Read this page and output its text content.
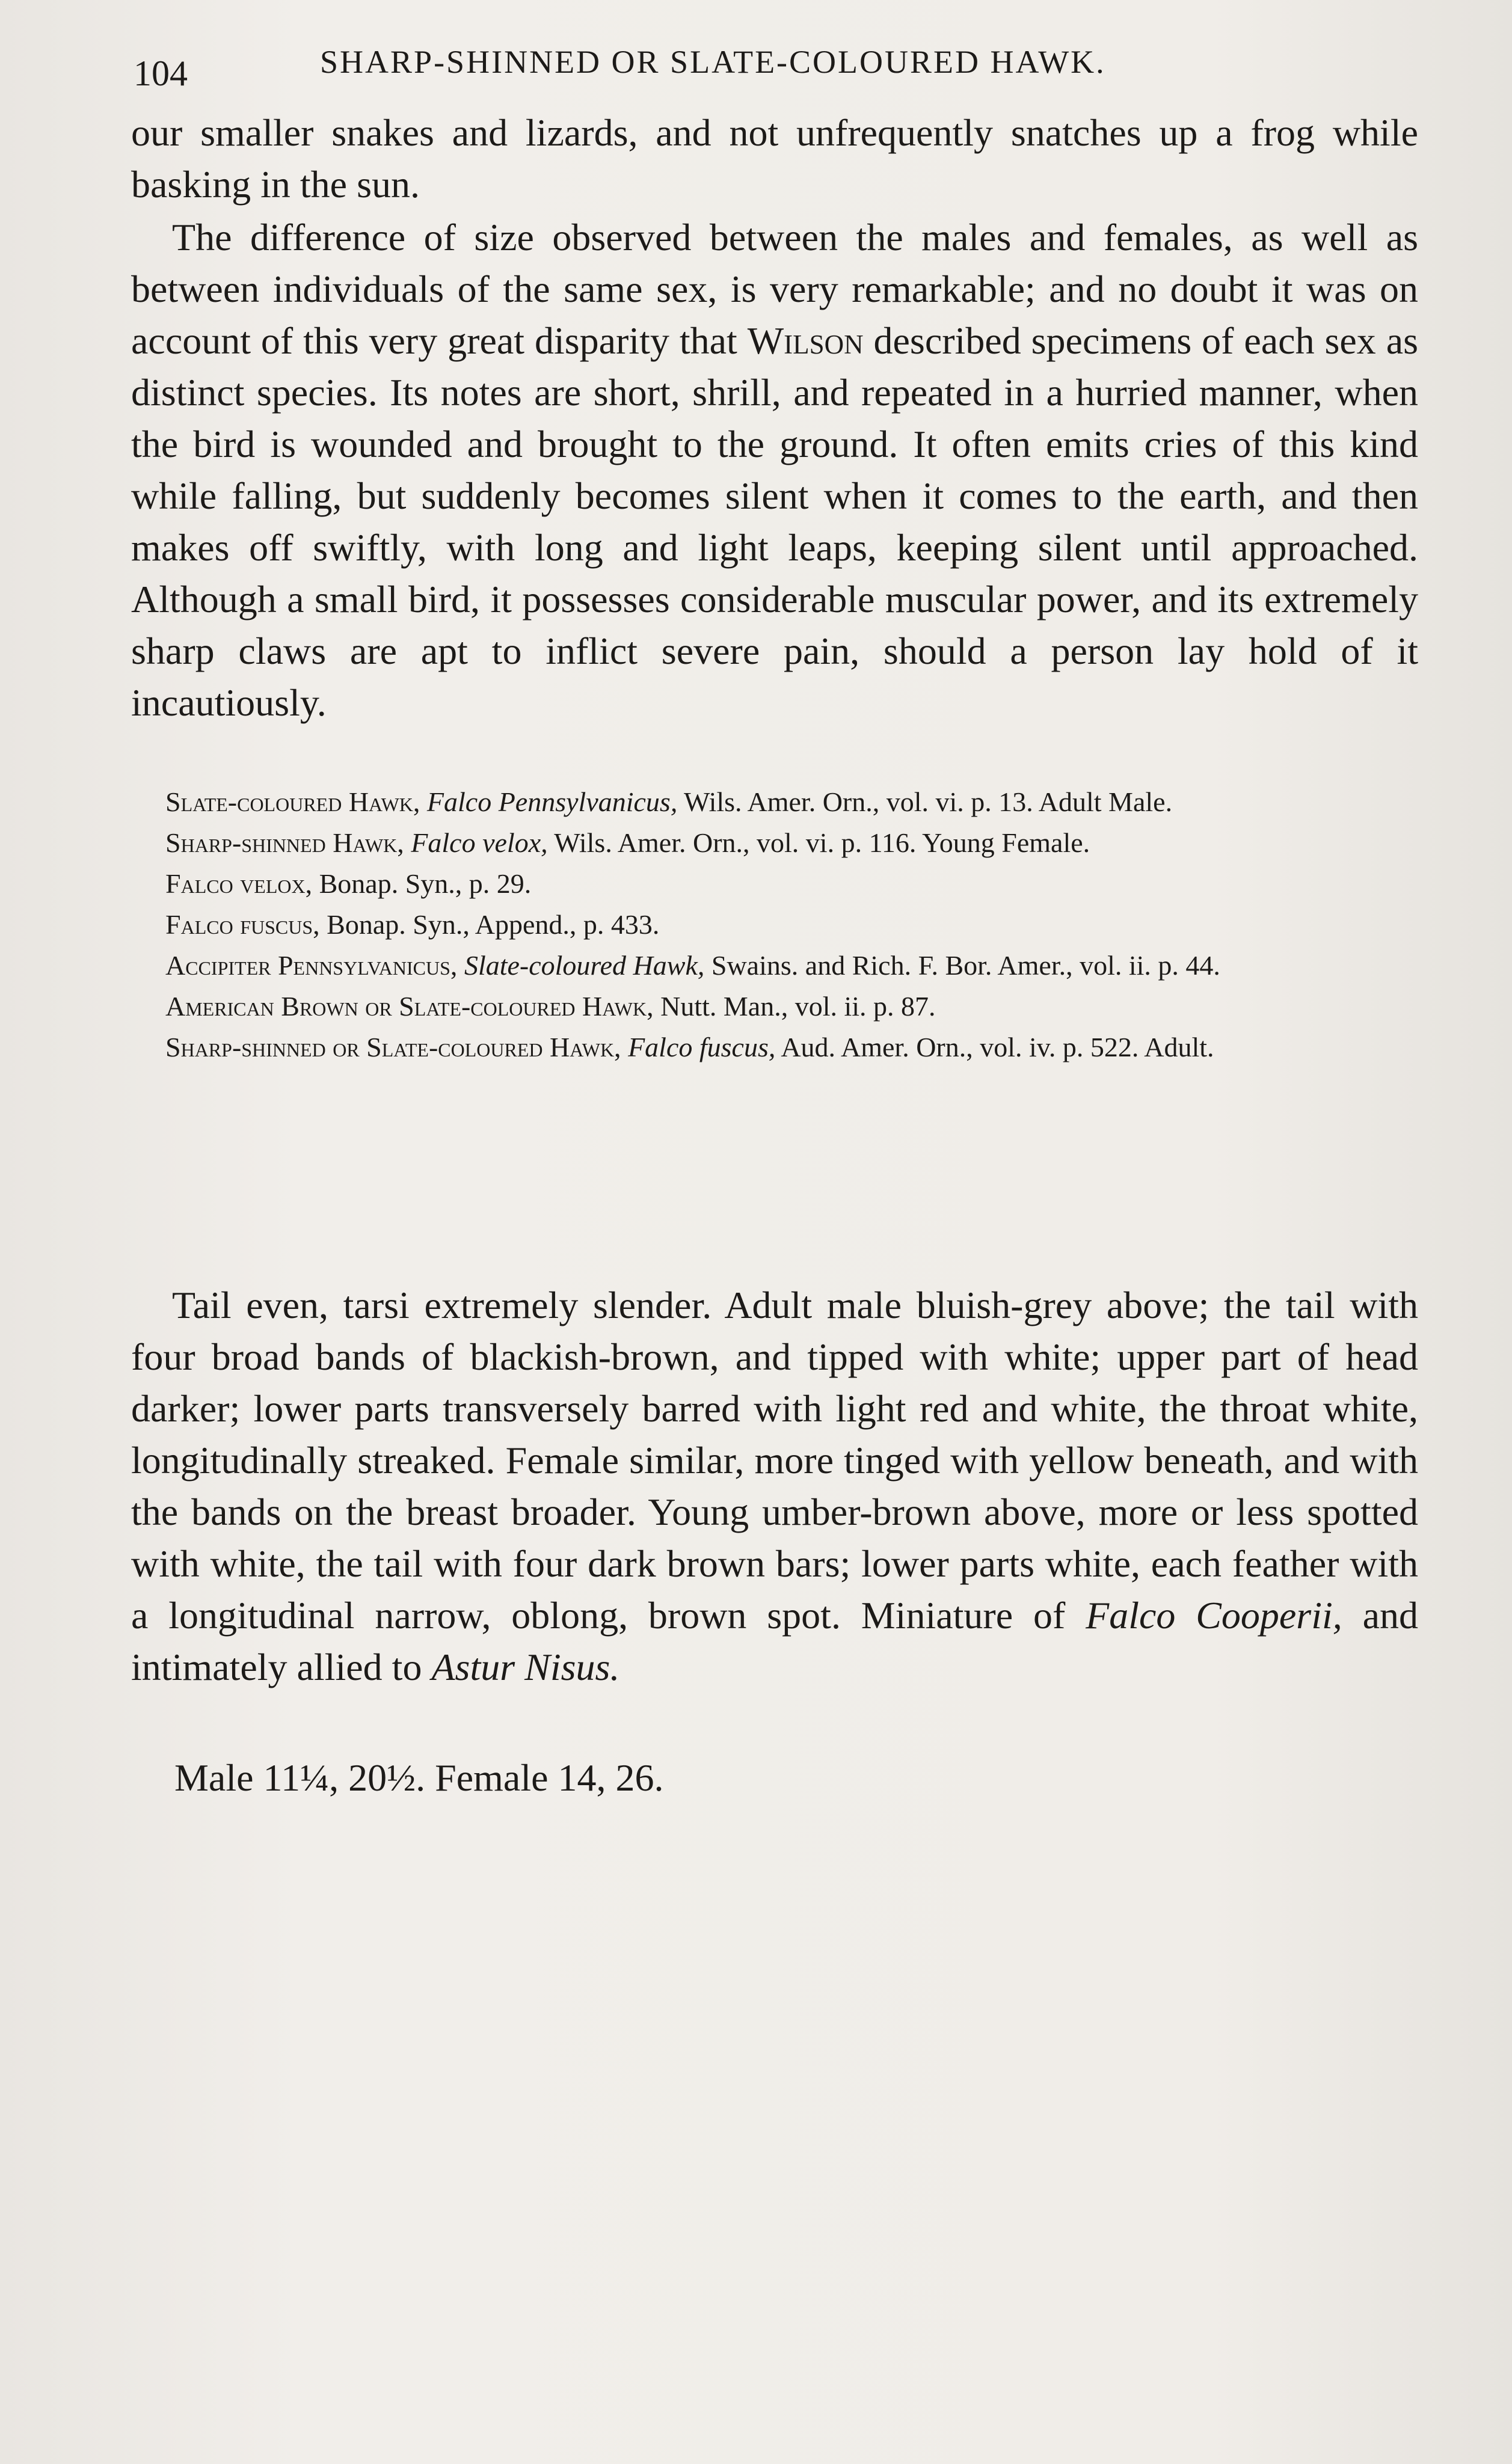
104	SHARP-SHINNED OR SLATE-COLOURED HAWK.

our smaller snakes and lizards, and not unfrequently snatches up a frog while basking in the sun.

The difference of size observed between the males and females, as well as between individuals of the same sex, is very remarkable; and no doubt it was on account of this very great disparity that Wilson described specimens of each sex as distinct species. Its notes are short, shrill, and repeated in a hurried manner, when the bird is wounded and brought to the ground. It often emits cries of this kind while falling, but suddenly becomes silent when it comes to the earth, and then makes off swiftly, with long and light leaps, keeping silent until approached. Although a small bird, it possesses considerable muscular power, and its extremely sharp claws are apt to inflict severe pain, should a person lay hold of it incautiously.

Slate-coloured Hawk, Falco Pennsylvanicus, Wils. Amer. Orn., vol. vi. p. 13. Adult Male.

Sharp-shinned Hawk, Falco velox, Wils. Amer. Orn., vol. vi. p. 116. Young Female.

Falco velox, Bonap. Syn., p. 29.

Falco fuscus, Bonap. Syn., Append., p. 433.

Accipiter Pennsylvanicus, Slate-coloured Hawk, Swains. and Rich. F. Bor. Amer., vol. ii. p. 44.

American Brown or Slate-coloured Hawk, Nutt. Man., vol. ii. p. 87.

Sharp-shinned or Slate-coloured Hawk, Falco fuscus, Aud. Amer. Orn., vol. iv. p. 522. Adult.

Tail even, tarsi extremely slender. Adult male bluish-grey above; the tail with four broad bands of blackish-brown, and tipped with white; upper part of head darker; lower parts transversely barred with light red and white, the throat white, longitudinally streaked. Female similar, more tinged with yellow beneath, and with the bands on the breast broader. Young umber-brown above, more or less spotted with white, the tail with four dark brown bars; lower parts white, each feather with a longitudinal narrow, oblong, brown spot. Miniature of Falco Cooperii, and intimately allied to Astur Nisus.

Male 11¼, 20½. Female 14, 26.
